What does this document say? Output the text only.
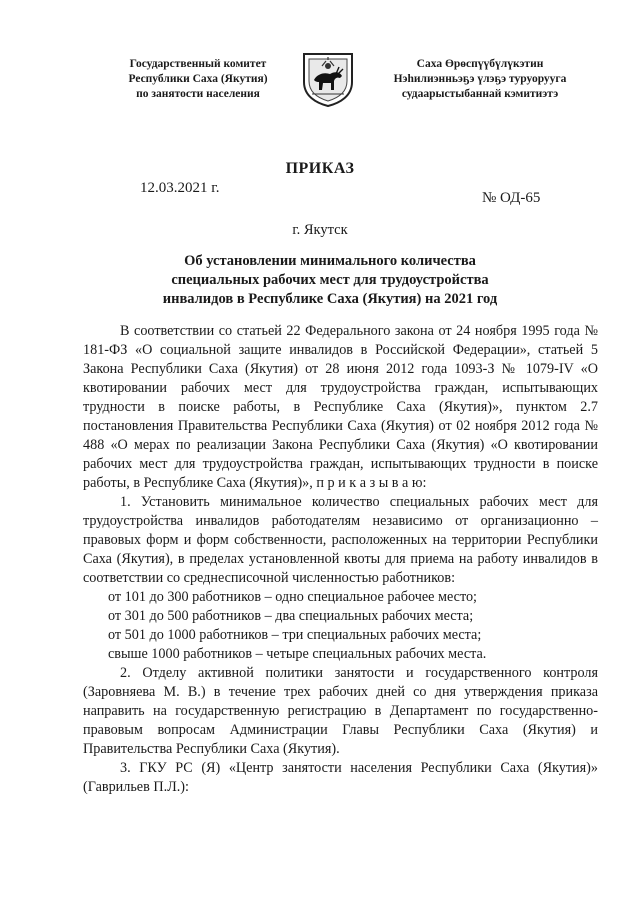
Государственный комитет
Республики Саха (Якутия)
по занятости населения
Саха Өрөспүүбүлүкэтин
Нэһилиэнньэҕэ үлэҕэ туруорууга
судаарыстыбаннай кэмитиэтэ
ПРИКАЗ
12.03.2021 г.
№ ОД-65
г. Якутск
Об установлении минимального количества
специальных рабочих мест для трудоустройства
инвалидов в Республике Саха (Якутия) на 2021 год

В соответствии со статьей 22 Федерального закона от 24 ноября 1995 года № 181-ФЗ «О социальной защите инвалидов в Российской Федерации», статьей 5 Закона Республики Саха (Якутия) от 28 июня 2012 года 1093-З № 1079-IV «О квотировании рабочих мест для трудоустройства граждан, испытывающих трудности в поиске работы, в Республике Саха (Якутия)», пунктом 2.7 постановления Правительства Республики Саха (Якутия) от 02 ноября 2012 года № 488 «О мерах по реализации Закона Республики Саха (Якутия) «О квотировании рабочих мест для трудоустройства граждан, испытывающих трудности в поиске работы, в Республике Саха (Якутия)», п р и к а з ы в а ю:

1. Установить минимальное количество специальных рабочих мест для трудоустройства инвалидов работодателям независимо от организационно – правовых форм и форм собственности, расположенных на территории Республики Саха (Якутия), в пределах установленной квоты для приема на работу инвалидов в соответствии со среднесписочной численностью работников:

от 101 до 300 работников – одно специальное рабочее место;

от 301 до 500 работников – два специальных рабочих места;

от 501 до 1000 работников – три специальных рабочих места;

свыше 1000 работников – четыре специальных рабочих места.

2. Отделу активной политики занятости и государственного контроля (Заровняева М. В.) в течение трех рабочих дней со дня утверждения приказа направить на государственную регистрацию в Департамент по государственно-правовым вопросам Администрации Главы Республики Саха (Якутия) и Правительства Республики Саха (Якутия).

3. ГКУ РС (Я) «Центр занятости населения Республики Саха (Якутия)» (Гаврильев П.Л.):
